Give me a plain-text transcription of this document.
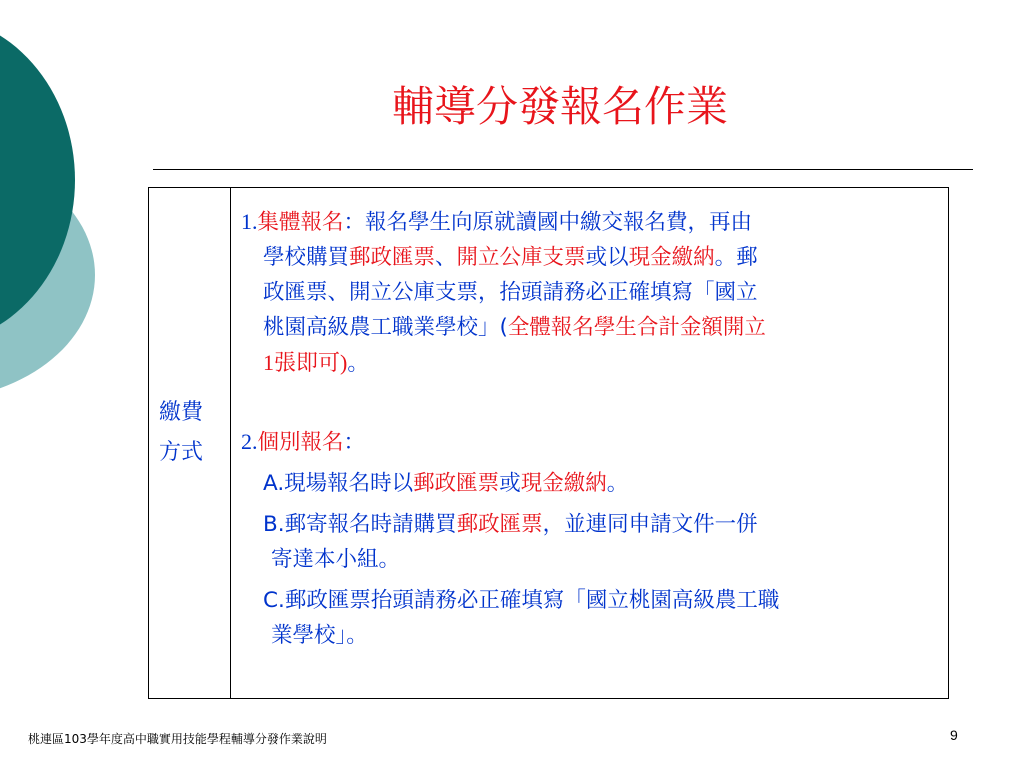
輔導分發報名作業
繳費
方式
1.集體報名：報名學生向原就讀國中繳交報名費，再由
學校購買郵政匯票、開立公庫支票或以現金繳納。郵
政匯票、開立公庫支票，抬頭請務必正確填寫「國立
桃園高級農工職業學校」(全體報名學生合計金額開立
1張即可)。
2.個別報名：
A.現場報名時以郵政匯票或現金繳納。
B.郵寄報名時請購買郵政匯票，並連同申請文件一併
寄達本小組。
C.郵政匯票抬頭請務必正確填寫「國立桃園高級農工職
業學校」。
桃連區103學年度高中職實用技能學程輔導分發作業說明	9
